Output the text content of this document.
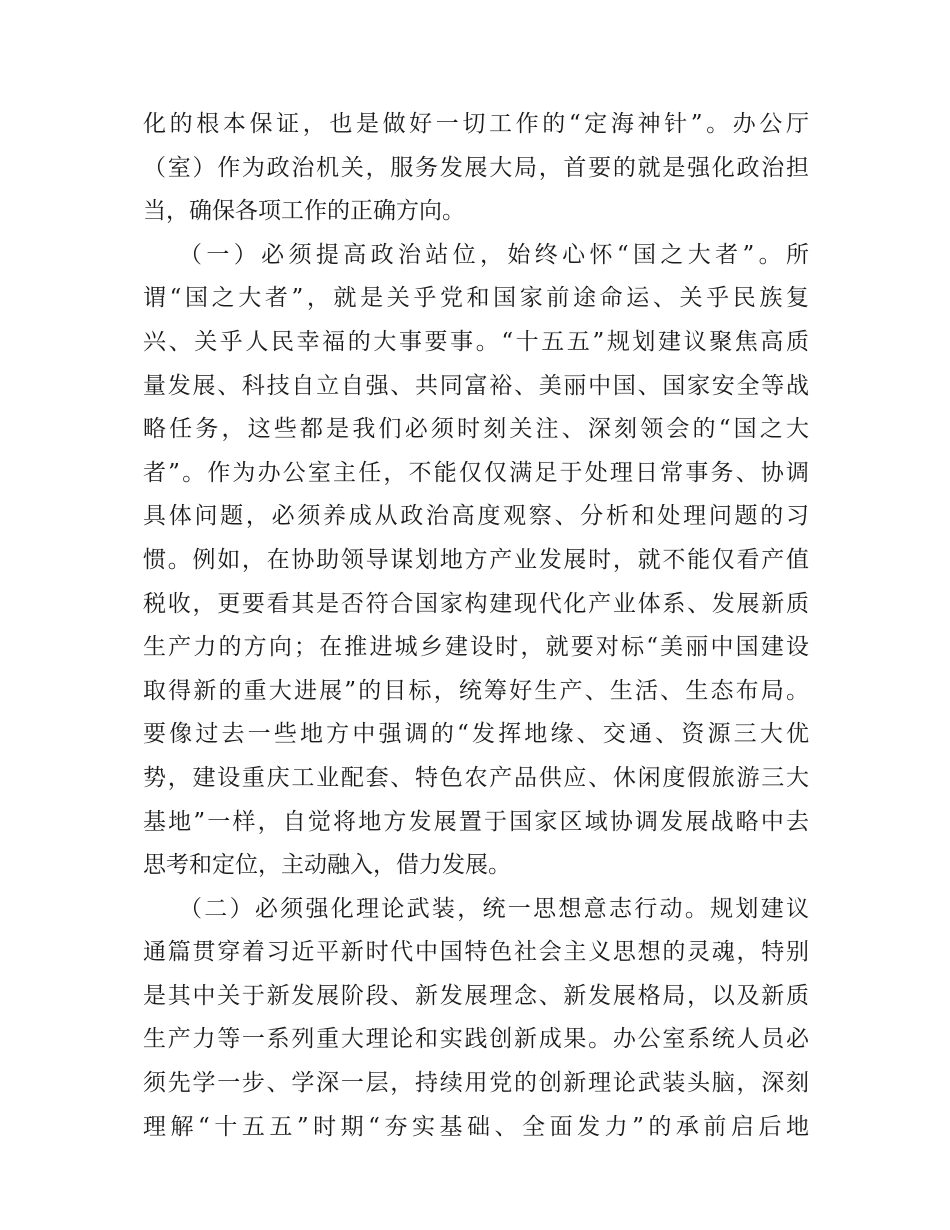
化的根本保证，也是做好一切工作的“定海神针”。办公厅
（室）作为政治机关，服务发展大局，首要的就是强化政治担
当，确保各项工作的正确方向。
（一）必须提高政治站位，始终心怀“国之大者”。所
谓“国之大者”，就是关乎党和国家前途命运、关乎民族复
兴、关乎人民幸福的大事要事。“十五五”规划建议聚焦高质
量发展、科技自立自强、共同富裕、美丽中国、国家安全等战
略任务，这些都是我们必须时刻关注、深刻领会的“国之大
者”。作为办公室主任，不能仅仅满足于处理日常事务、协调
具体问题，必须养成从政治高度观察、分析和处理问题的习
惯。例如，在协助领导谋划地方产业发展时，就不能仅看产值
税收，更要看其是否符合国家构建现代化产业体系、发展新质
生产力的方向；在推进城乡建设时，就要对标“美丽中国建设
取得新的重大进展”的目标，统筹好生产、生活、生态布局。
要像过去一些地方中强调的“发挥地缘、交通、资源三大优
势，建设重庆工业配套、特色农产品供应、休闲度假旅游三大
基地”一样，自觉将地方发展置于国家区域协调发展战略中去
思考和定位，主动融入，借力发展。
（二）必须强化理论武装，统一思想意志行动。规划建议
通篇贯穿着习近平新时代中国特色社会主义思想的灵魂，特别
是其中关于新发展阶段、新发展理念、新发展格局，以及新质
生产力等一系列重大理论和实践创新成果。办公室系统人员必
须先学一步、学深一层，持续用党的创新理论武装头脑，深刻
理解“十五五”时期“夯实基础、全面发力”的承前启后地
